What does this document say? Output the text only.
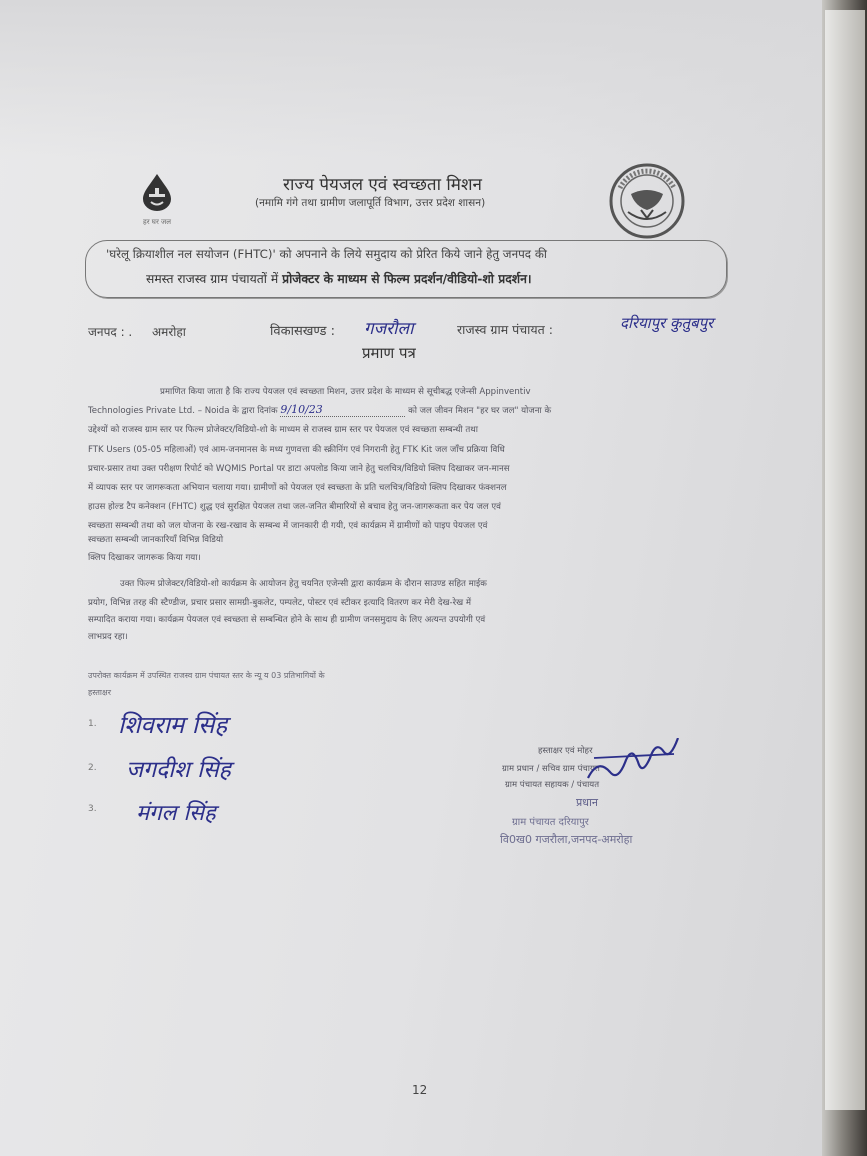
हर घर जल
राज्य पेयजल एवं स्वच्छता मिशन
(नमामि गंगे तथा ग्रामीण जलापूर्ति विभाग, उत्तर प्रदेश शासन)
'घरेलू क्रियाशील नल सयोजन (FHTC)' को अपनाने के लिये समुदाय को प्रेरित किये जाने हेतु जनपद की
समस्त राजस्व ग्राम पंचायतों में प्रोजेक्टर के माध्यम से फिल्म प्रदर्शन/वीडियो-शो प्रदर्शन।
जनपद : . अमरोहा	विकासखण्ड : गजरौला	राजस्व ग्राम पंचायत :	दरियापुर कुतुबपुर
प्रमाण पत्र
प्रमाणित किया जाता है कि राज्य पेयजल एवं स्वच्छता मिशन, उत्तर प्रदेश के माध्यम से सूचीबद्ध एजेन्सी Appinventiv
Technologies Private Ltd. – Noida के द्वारा दिनांक 9/10/23	को जल जीवन मिशन "हर घर जल" योजना के
उद्देश्यों को राजस्व ग्राम स्तर पर फिल्म प्रोजेक्टर/विडियो-शो के माध्यम से राजस्व ग्राम स्तर पर पेयजल एवं स्वच्छता सम्बन्धी तथा
FTK Users (05-05 महिलाओं) एवं आम-जनमानस के मध्य गुणवत्ता की स्क्रीनिंग एवं निगरानी हेतु FTK Kit जल जाँच प्रक्रिया विधि
प्रचार-प्रसार तथा उक्त परीक्षण रिपोर्ट को WQMIS Portal पर डाटा अपलोड किया जाने हेतु चलचित्र/विडियो क्लिप दिखाकर जन-मानस
में व्यापक स्तर पर जागरूकता अभियान चलाया गया। ग्रामीणों को पेयजल एवं स्वच्छता के प्रति चलचित्र/विडियो क्लिप दिखाकर फंक्शनल
हाउस होल्ड टैप कनेक्शन (FHTC) शुद्ध एवं सुरक्षित पेयजल तथा जल-जनित बीमारियों से बचाव हेतु जन-जागरूकता कर पेय जल एवं
स्वच्छता सम्बन्धी तथा को जल योजना के रख-रखाव के सम्बन्ध में जानकारी दी गयी, एवं कार्यक्रम में ग्रामीणों को पाइप पेयजल एवं
स्वच्छता सम्बन्धी जानकारियाँ विभिन्न विडियो
क्लिप दिखाकर जागरूक किया गया।
उक्त फिल्म प्रोजेक्टर/विडियो-शो कार्यक्रम के आयोजन हेतु चयनित एजेन्सी द्वारा कार्यक्रम के दौरान साउण्ड सहित माईक
प्रयोग, विभिन्न तरह की स्टैण्डीज, प्रचार प्रसार सामग्री-बुकलेट, पम्पलेट, पोस्टर एवं स्टीकर इत्यादि वितरण कर मेरी देख-रेख में
सम्पादित कराया गया। कार्यक्रम पेयजल एवं स्वच्छता से सम्बन्धित होने के साथ ही ग्रामीण जनसमुदाय के लिए अत्यन्त उपयोगी एवं
लाभप्रद रहा।
उपरोक्त कार्यक्रम में उपस्थित राजस्व ग्राम पंचायत स्तर के न्यू य 03 प्रतिभागियों के
हस्ताक्षर
1. शिवराम सिंह
2. जगदीश सिंह
3. मंगल सिंह
हस्ताक्षर एवं मोहर
ग्राम प्रधान / सचिव ग्राम पंचायत
ग्राम पंचायत सहायक / पंचायत
प्रधान
ग्राम पंचायत दरियापुर
वि0ख0 गजरौला,जनपद-अमरोहा
12
